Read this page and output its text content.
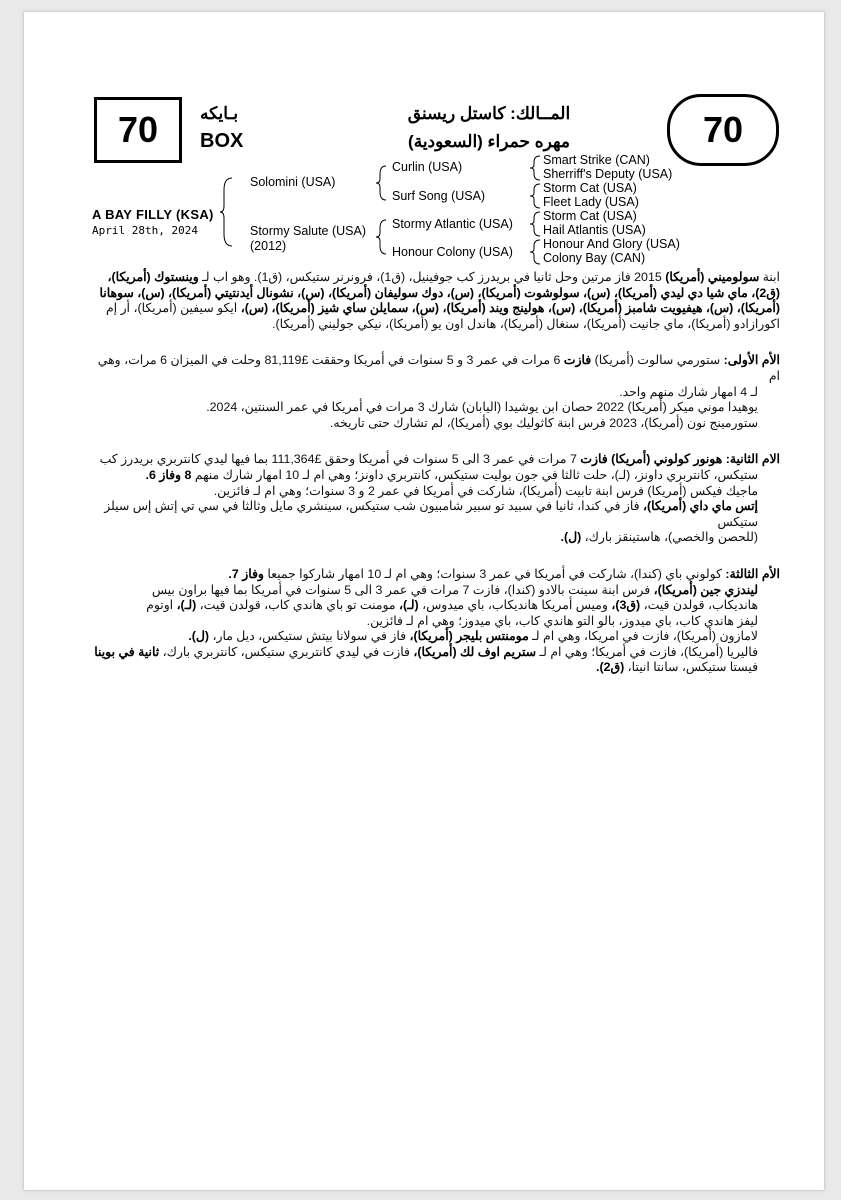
70	بـايكه
BOX
المــالك: كاستل ريسنق
مهره حمراء (السعودية)	70
A BAY FILLY (KSA)
April 28th, 2024
Solomini (USA)
Stormy Salute (USA)
(2012)
Curlin (USA)
Surf Song (USA)
Stormy Atlantic (USA)
Honour Colony (USA)
Smart Strike (CAN)
Sherriff's Deputy (USA)
Storm Cat (USA)
Fleet Lady (USA)
Storm Cat (USA)
Hail Atlantis (USA)
Honour And Glory (USA)
Colony Bay (CAN)
ابنة سولوميني (أمريكا) 2015 فاز مرتين وحل ثانيا في بريدرز كب جوفينيل، (ق1)، فرونرنر ستيكس، (ق1). وهو اب لـ وينستوك (أمريكا)،
(ق2)، ماي شيا دي ليدي (أمريكا)، (س)، سولوشوت (أمريكا)، (س)، دوك سوليفان (أمريكا)، (س)، نشونال أيدنتيتي (أمريكا)، (س)، سوهانا
(أمريكا)، (س)، هيفيويت شامبز (أمريكا)، (س)، هولينج ويند (أمريكا)، (س)، سمايلن ساي شيز (أمريكا)، (س)، ايكو سيفين (أمريكا)، أر إم
اكورازادو (أمريكا)، ماي جانيت (أمريكا)، سنغال (أمريكا)، هاندل اون يو (أمريكا)، نيكي جوليني (أمريكا).
الأم الأولى: ستورمي سالوت (أمريكا) فازت 6 مرات في عمر 3 و 5 سنوات في أمريكا وحققت £81,119 وحلت في الميزان 6 مرات، وهي ام
لـ 4 امهار شارك منهم واحد.
يوهيدا موني ميكر (أمريكا) 2022 حصان ابن يوشيدا (اليابان) شارك 3 مرات في أمريكا في عمر السنتين، 2024.
ستورمينج نون (أمريكا)، 2023 فرس ابنة كاثوليك بوي (أمريكا)، لم تشارك حتى تاريخه.
الام الثانية: هونور كولوني (أمريكا) فازت 7 مرات في عمر 3 الى 5 سنوات في أمريكا وحقق £111,364 بما فيها ليدي كانتربري بريدرز كب
ستيكس، كانتربري داونز، (لـ)، حلت ثالثا في جون بوليت ستيكس، كانتربري داونز؛ وهي ام لـ 10 امهار شارك منهم 8 وفاز 6.
ماجيك فيكس (أمريكا) فرس ابنة تابيت (أمريكا)، شاركت في أمريكا في عمر 2 و 3 سنوات؛ وهي ام لـ فائزين.
إتس ماي داي (أمريكا)، فاز في كندا، ثانيا في سبيد تو سبير شامبيون شب ستيكس، سينشري مايل وثالثا في سي تي إتش إس سيلز ستيكس
(للحصن والخصي)، هاستينقز بارك، (ل).
الأم الثالثة: كولوني باي (كندا)، شاركت في أمريكا في عمر 3 سنوات؛ وهي ام لـ 10 امهار شاركوا جميعا وفاز 7.
ليندزي جين (أمريكا)، فرس ابنة سينت بالادو (كندا)، فازت 7 مرات في عمر 3 الى 5 سنوات في أمريكا بما فيها براون بيس
هانديكاب، قولدن قيت، (ق3)، وميس أمريكا هانديكاب، باي ميدوس، (لـ)، مومنت تو باي هاندي كاب، قولدن قيت، (لـ)، اوتوم
ليفز هاندي كاب، باي ميدوز، بالو التو هاندي كاب، باي ميدوز؛ وهي ام لـ فائزين.
لامازون (أمريكا)، فازت في امريكا، وهي ام لـ مومنتس بليجر (أمريكا)، فاز في سولانا بيتش ستيكس، ديل مار، (ل).
فاليريا (أمريكا)، فازت في أمريكا؛ وهي ام لـ ستريم اوف لك (أمريكا)، فازت في ليدي كانتربري ستيكس، كانتربري بارك، ثانية في بوينا
فيستا ستيكس، سانتا انيتا، (ق2).
